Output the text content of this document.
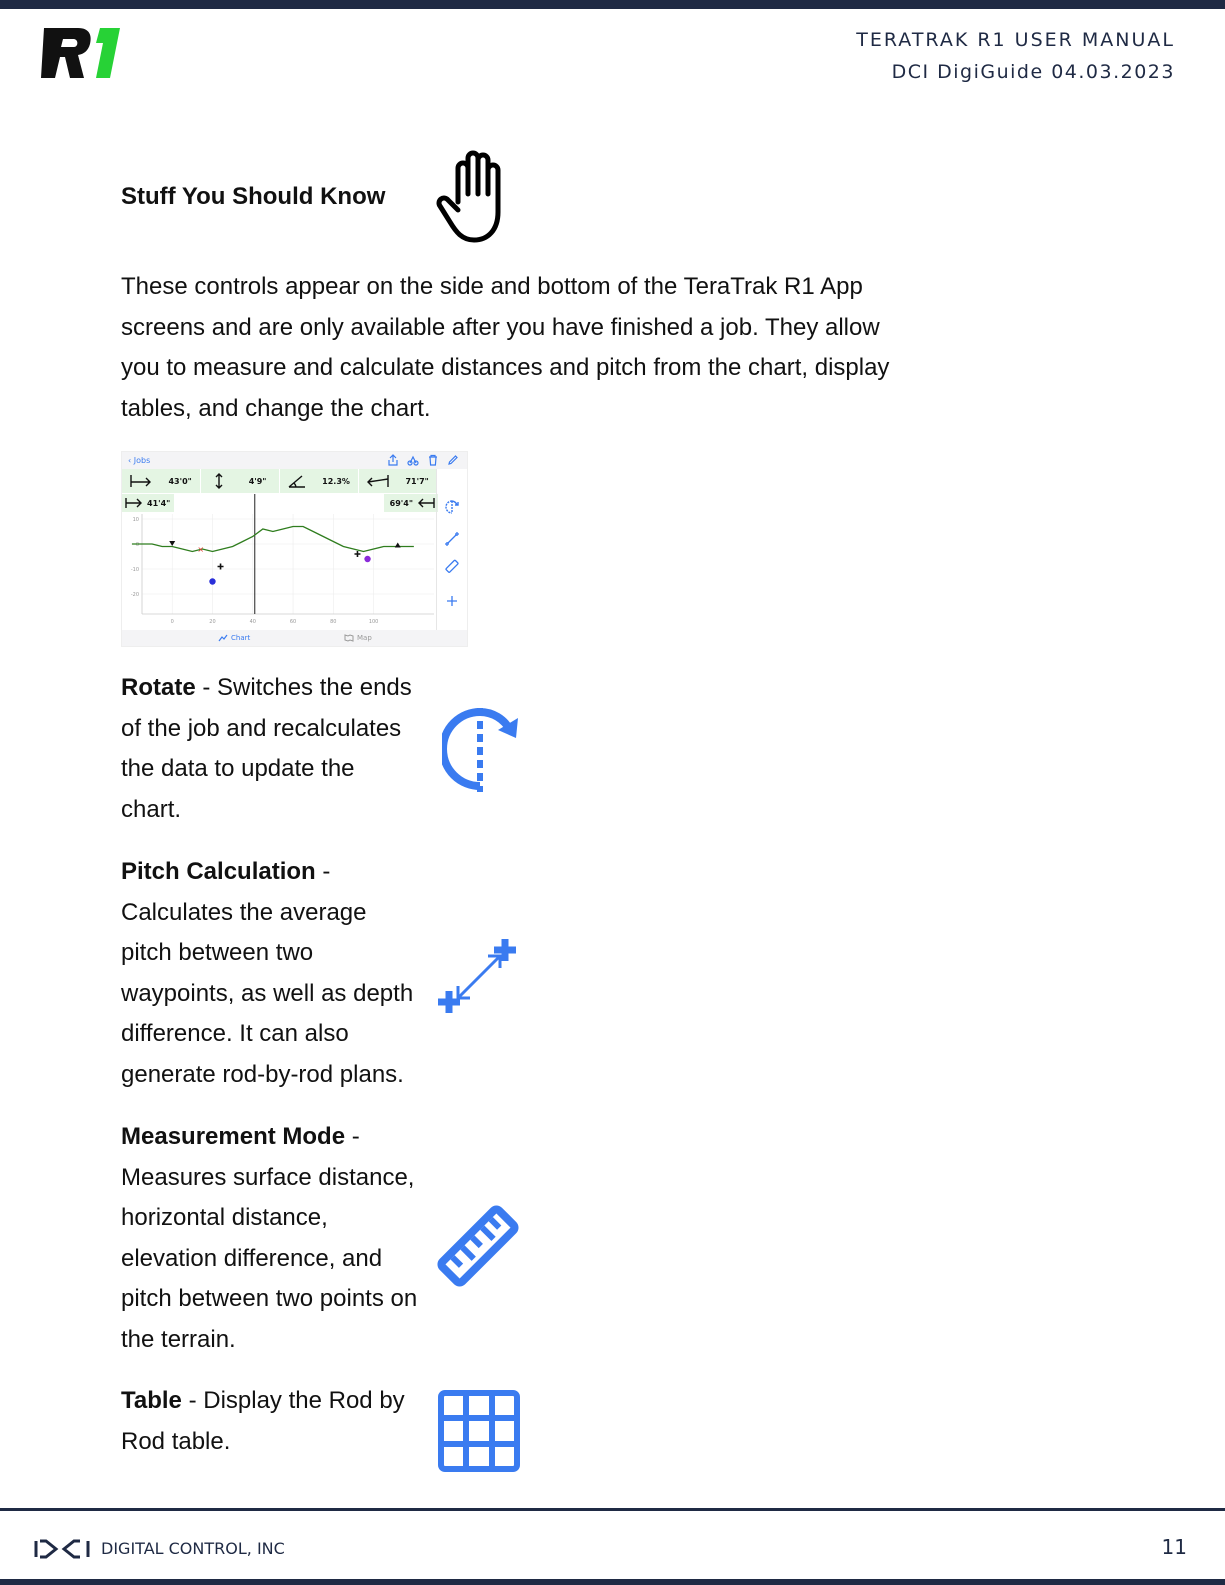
TERATRAK R1 USER MANUAL
DCI DigiGuide 04.03.2023
Stuff You Should Know
These controls appear on the side and bottom of the TeraTrak R1 App screens and are only available after you have finished a job. They allow you to measure and calculate distances and pitch from the chart, display tables, and change the chart.
‹ Jobs
43'0"	4'9"	12.3%	71'7"
41'4"	69'4"
0	20	40	60	80	100
10
0
-10
-20
×
Chart	Map
Rotate - Switches the ends of the job and recalculates the data to update the chart.
Pitch Calculation - Calculates the average pitch between two waypoints, as well as depth difference. It can also generate rod-by-rod plans.
Measurement Mode - Measures surface distance, horizontal distance, elevation difference, and pitch between two points on the terrain.
Table - Display the Rod by Rod table.
DIGITAL CONTROL, INC	11
